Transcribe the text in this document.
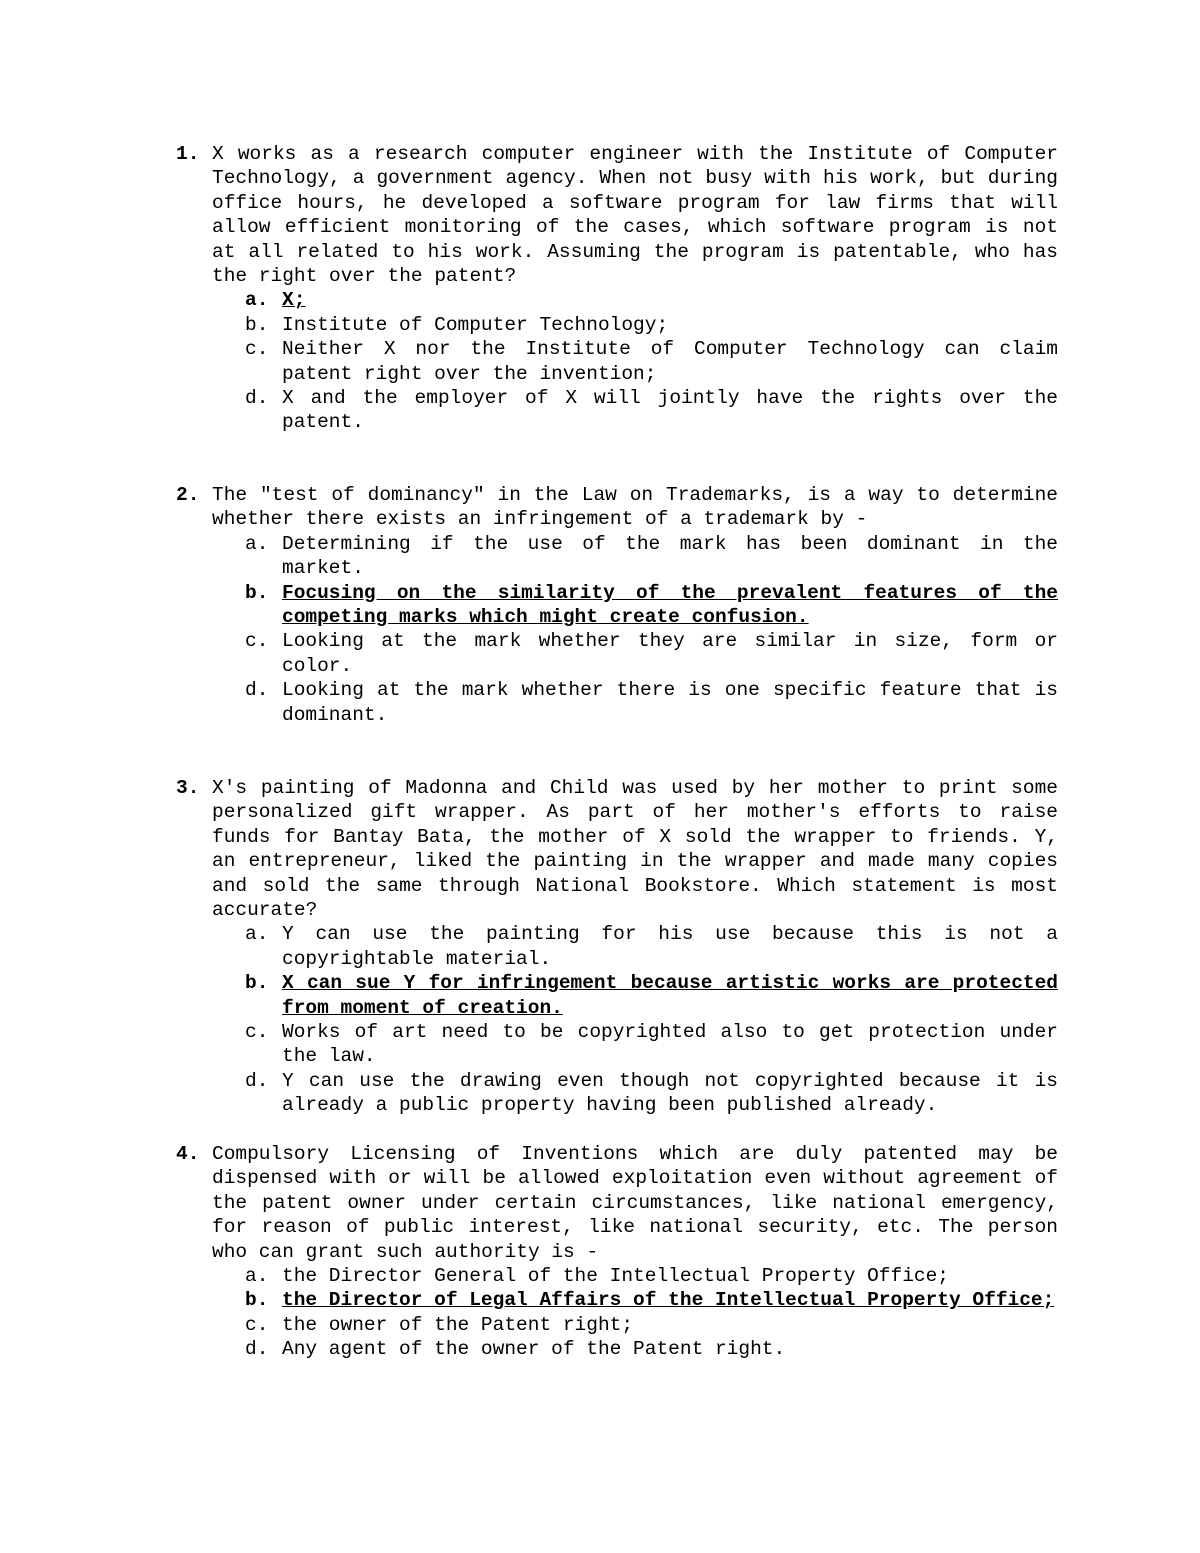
1. X works as a research computer engineer with the Institute of Computer Technology, a government agency. When not busy with his work, but during office hours, he developed a software program for law firms that will allow efficient monitoring of the cases, which software program is not at all related to his work. Assuming the program is patentable, who has the right over the patent?
a. X;
b. Institute of Computer Technology;
c. Neither X nor the Institute of Computer Technology can claim patent right over the invention;
d. X and the employer of X will jointly have the rights over the patent.
2. The "test of dominancy" in the Law on Trademarks, is a way to determine whether there exists an infringement of a trademark by -
a. Determining if the use of the mark has been dominant in the market.
b. Focusing on the similarity of the prevalent features of the competing marks which might create confusion.
c. Looking at the mark whether they are similar in size, form or color.
d. Looking at the mark whether there is one specific feature that is dominant.
3. X's painting of Madonna and Child was used by her mother to print some personalized gift wrapper. As part of her mother's efforts to raise funds for Bantay Bata, the mother of X sold the wrapper to friends. Y, an entrepreneur, liked the painting in the wrapper and made many copies and sold the same through National Bookstore. Which statement is most accurate?
a. Y can use the painting for his use because this is not a copyrightable material.
b. X can sue Y for infringement because artistic works are protected from moment of creation.
c. Works of art need to be copyrighted also to get protection under the law.
d. Y can use the drawing even though not copyrighted because it is already a public property having been published already.
4. Compulsory Licensing of Inventions which are duly patented may be dispensed with or will be allowed exploitation even without agreement of the patent owner under certain circumstances, like national emergency, for reason of public interest, like national security, etc. The person who can grant such authority is -
a. the Director General of the Intellectual Property Office;
b. the Director of Legal Affairs of the Intellectual Property Office;
c. the owner of the Patent right;
d. Any agent of the owner of the Patent right.
